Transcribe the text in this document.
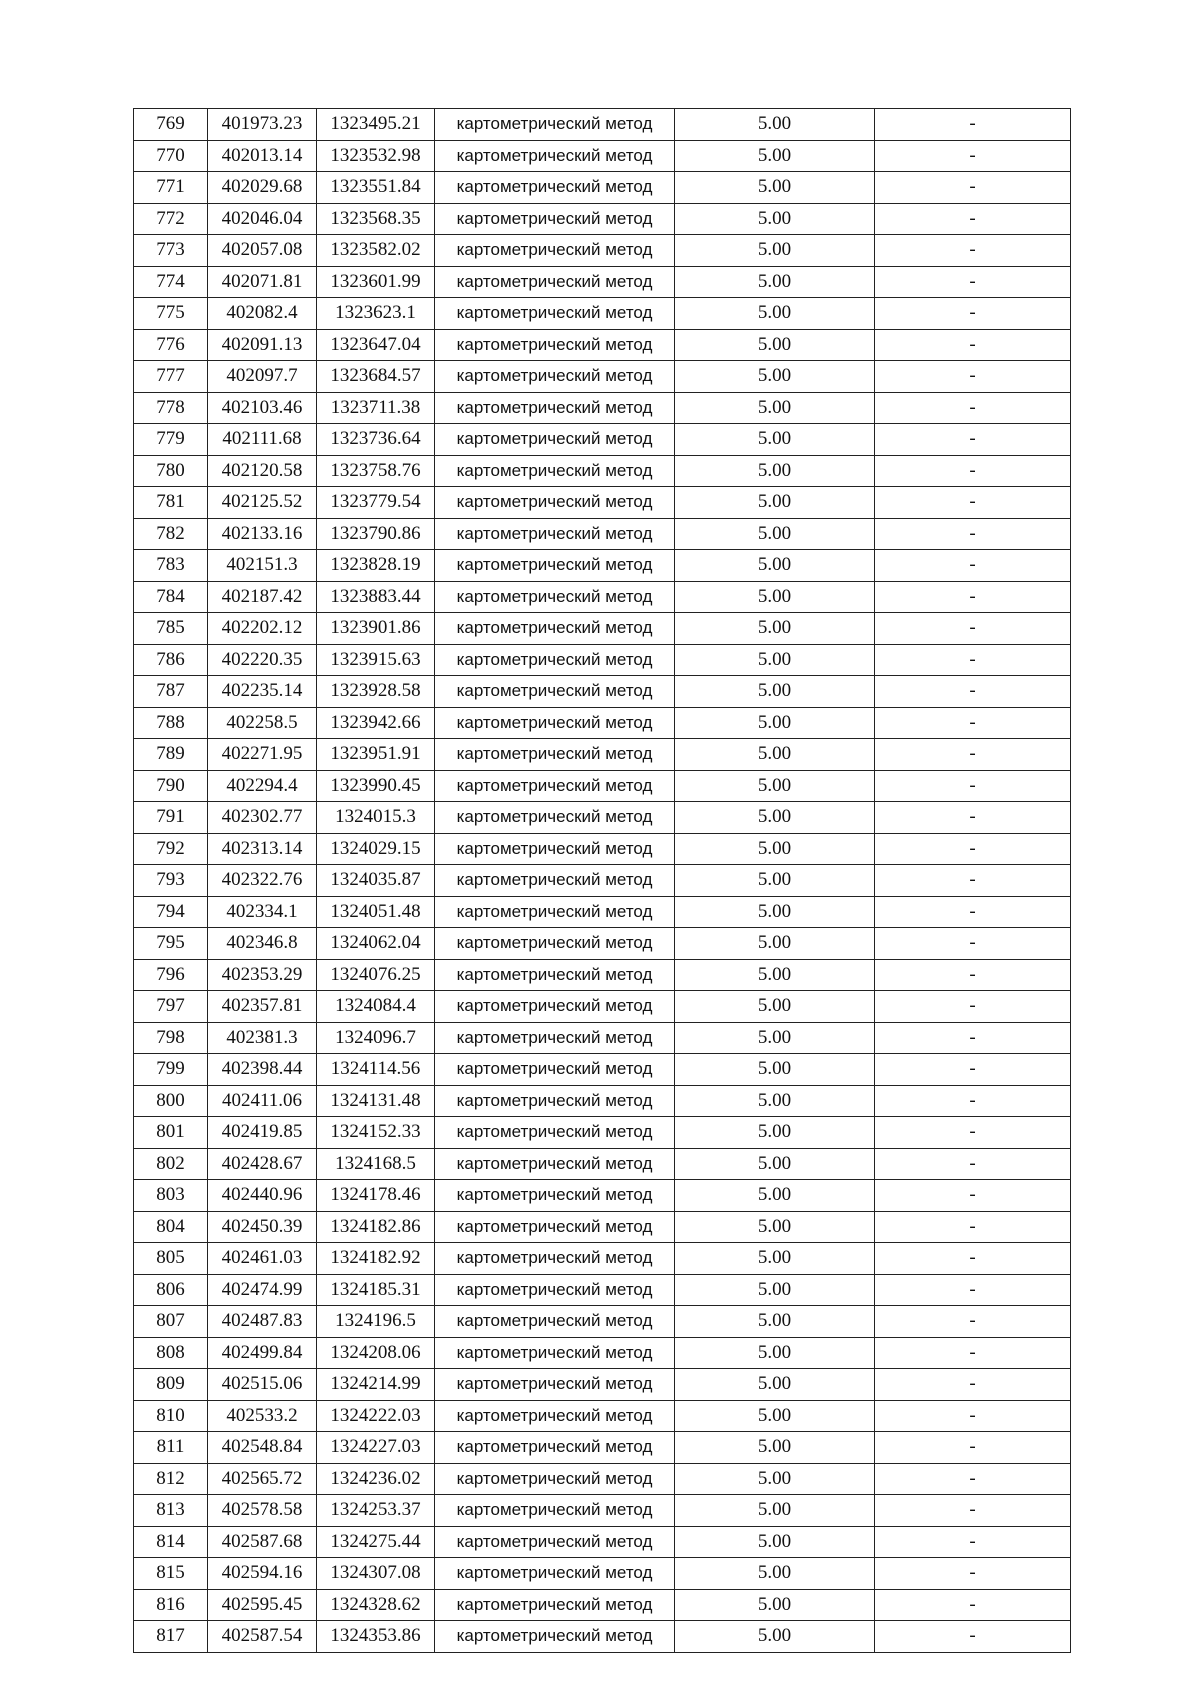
769	401973.23	1323495.21	картометрический метод	5.00	-
770	402013.14	1323532.98	картометрический метод	5.00	-
771	402029.68	1323551.84	картометрический метод	5.00	-
772	402046.04	1323568.35	картометрический метод	5.00	-
773	402057.08	1323582.02	картометрический метод	5.00	-
774	402071.81	1323601.99	картометрический метод	5.00	-
775	402082.4	1323623.1	картометрический метод	5.00	-
776	402091.13	1323647.04	картометрический метод	5.00	-
777	402097.7	1323684.57	картометрический метод	5.00	-
778	402103.46	1323711.38	картометрический метод	5.00	-
779	402111.68	1323736.64	картометрический метод	5.00	-
780	402120.58	1323758.76	картометрический метод	5.00	-
781	402125.52	1323779.54	картометрический метод	5.00	-
782	402133.16	1323790.86	картометрический метод	5.00	-
783	402151.3	1323828.19	картометрический метод	5.00	-
784	402187.42	1323883.44	картометрический метод	5.00	-
785	402202.12	1323901.86	картометрический метод	5.00	-
786	402220.35	1323915.63	картометрический метод	5.00	-
787	402235.14	1323928.58	картометрический метод	5.00	-
788	402258.5	1323942.66	картометрический метод	5.00	-
789	402271.95	1323951.91	картометрический метод	5.00	-
790	402294.4	1323990.45	картометрический метод	5.00	-
791	402302.77	1324015.3	картометрический метод	5.00	-
792	402313.14	1324029.15	картометрический метод	5.00	-
793	402322.76	1324035.87	картометрический метод	5.00	-
794	402334.1	1324051.48	картометрический метод	5.00	-
795	402346.8	1324062.04	картометрический метод	5.00	-
796	402353.29	1324076.25	картометрический метод	5.00	-
797	402357.81	1324084.4	картометрический метод	5.00	-
798	402381.3	1324096.7	картометрический метод	5.00	-
799	402398.44	1324114.56	картометрический метод	5.00	-
800	402411.06	1324131.48	картометрический метод	5.00	-
801	402419.85	1324152.33	картометрический метод	5.00	-
802	402428.67	1324168.5	картометрический метод	5.00	-
803	402440.96	1324178.46	картометрический метод	5.00	-
804	402450.39	1324182.86	картометрический метод	5.00	-
805	402461.03	1324182.92	картометрический метод	5.00	-
806	402474.99	1324185.31	картометрический метод	5.00	-
807	402487.83	1324196.5	картометрический метод	5.00	-
808	402499.84	1324208.06	картометрический метод	5.00	-
809	402515.06	1324214.99	картометрический метод	5.00	-
810	402533.2	1324222.03	картометрический метод	5.00	-
811	402548.84	1324227.03	картометрический метод	5.00	-
812	402565.72	1324236.02	картометрический метод	5.00	-
813	402578.58	1324253.37	картометрический метод	5.00	-
814	402587.68	1324275.44	картометрический метод	5.00	-
815	402594.16	1324307.08	картометрический метод	5.00	-
816	402595.45	1324328.62	картометрический метод	5.00	-
817	402587.54	1324353.86	картометрический метод	5.00	-
